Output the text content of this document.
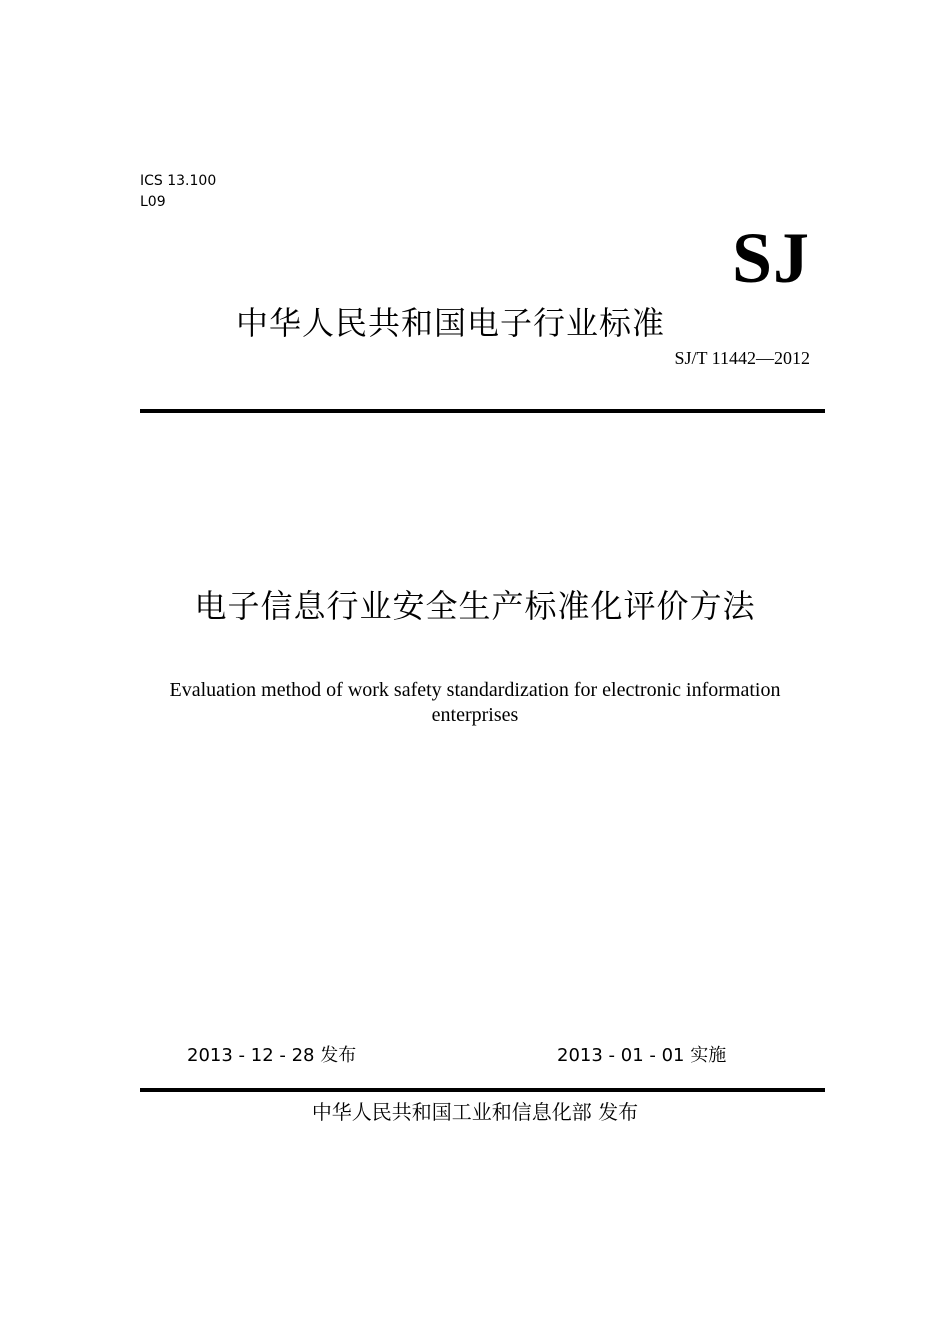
ICS 13.100
L09
SJ
中华人民共和国电子行业标准
SJ/T 11442—2012
电子信息行业安全生产标准化评价方法
Evaluation method of work safety standardization for electronic information enterprises
2013 - 12 - 28 发布	2013 - 01 - 01 实施
中华人民共和国工业和信息化部 发布
